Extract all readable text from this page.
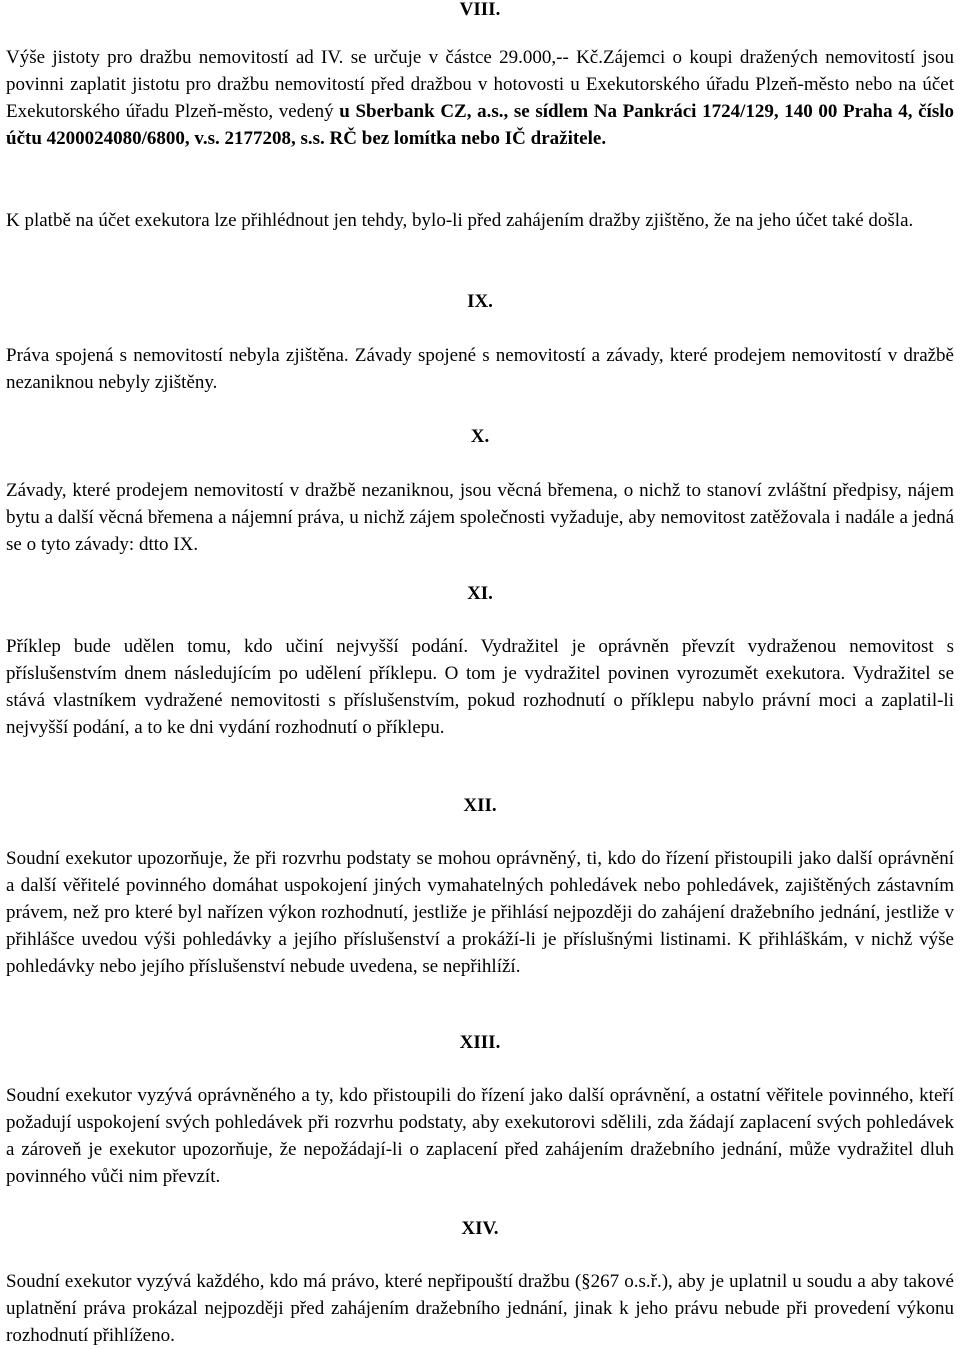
VIII.

Výše jistoty pro dražbu nemovitostí ad IV. se určuje v částce 29.000,-- Kč.Zájemci o koupi dražených nemovitostí jsou povinni zaplatit jistotu pro dražbu nemovitostí před dražbou v hotovosti u Exekutorského úřadu Plzeň-město nebo na účet Exekutorského úřadu Plzeň-město, vedený u Sberbank CZ, a.s., se sídlem Na Pankráci 1724/129, 140 00 Praha 4, číslo účtu 4200024080/6800, v.s. 2177208, s.s. RČ bez lomítka nebo IČ dražitele.

K platbě na účet exekutora lze přihlédnout jen tehdy, bylo-li před zahájením dražby zjištěno, že na jeho účet také došla.

IX.

Práva spojená s nemovitostí nebyla zjištěna. Závady spojené s nemovitostí a závady, které prodejem nemovitostí v dražbě nezaniknou nebyly zjištěny.

X.

Závady, které prodejem nemovitostí v dražbě nezaniknou, jsou věcná břemena, o nichž to stanoví zvláštní předpisy, nájem bytu a další věcná břemena a nájemní práva, u nichž zájem společnosti vyžaduje, aby nemovitost zatěžovala i nadále a jedná se o tyto závady: dtto IX.

XI.

Příklep bude udělen tomu, kdo učiní nejvyšší podání. Vydražitel je oprávněn převzít vydraženou nemovitost s příslušenstvím dnem následujícím po udělení příklepu. O tom je vydražitel povinen vyrozumět exekutora. Vydražitel se stává vlastníkem vydražené nemovitosti s příslušenstvím, pokud rozhodnutí o příklepu nabylo právní moci a zaplatil-li nejvyšší podání, a to ke dni vydání rozhodnutí o příklepu.

XII.

Soudní exekutor upozorňuje, že při rozvrhu podstaty se mohou oprávněný, ti, kdo do řízení přistoupili jako další oprávnění a další věřitelé povinného domáhat uspokojení jiných vymahatelných pohledávek nebo pohledávek, zajištěných zástavním právem, než pro které byl nařízen výkon rozhodnutí, jestliže je přihlásí nejpozději do zahájení dražebního jednání, jestliže v přihlášce uvedou výši pohledávky a jejího příslušenství a prokáží-li je příslušnými listinami. K přihláškám, v nichž výše pohledávky nebo jejího příslušenství nebude uvedena, se nepřihlíží.

XIII.

Soudní exekutor vyzývá oprávněného a ty, kdo přistoupili do řízení jako další oprávnění, a ostatní věřitele povinného, kteří požadují uspokojení svých pohledávek při rozvrhu podstaty, aby exekutorovi sdělili, zda žádají zaplacení svých pohledávek a zároveň je exekutor upozorňuje, že nepožádají-li o zaplacení před zahájením dražebního jednání, může vydražitel dluh povinného vůči nim převzít.

XIV.

Soudní exekutor vyzývá každého, kdo má právo, které nepřipouští dražbu (§267 o.s.ř.), aby je uplatnil u soudu a aby takové uplatnění práva prokázal nejpozději před zahájením dražebního jednání, jinak k jeho právu nebude při provedení výkonu rozhodnutí přihlíženo.
